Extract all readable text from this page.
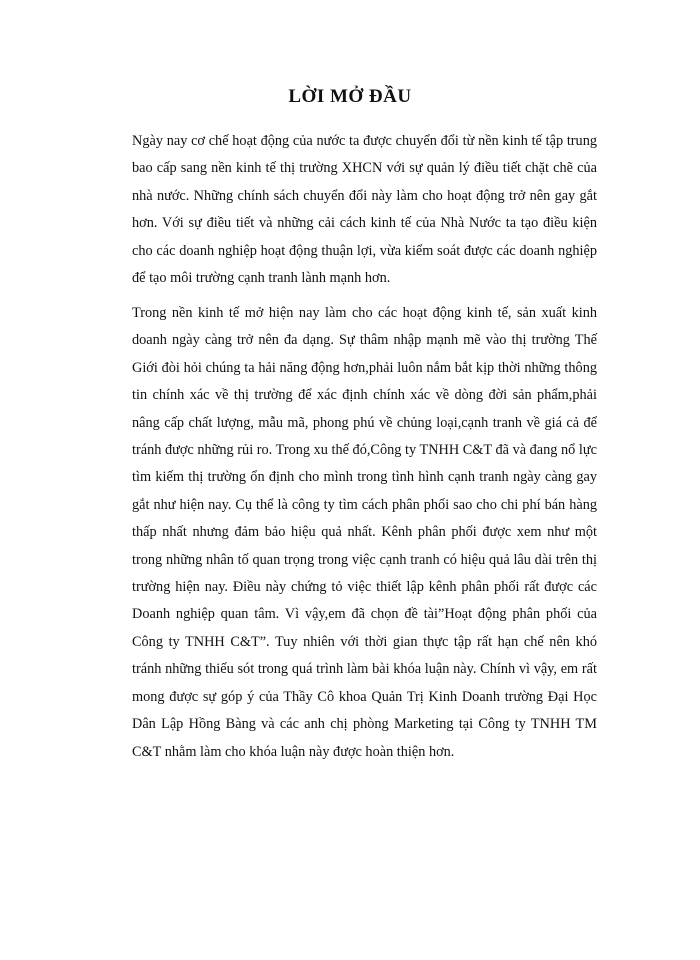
LỜI MỞ ĐẦU

Ngày nay cơ chế hoạt động của nước ta được chuyển đổi từ nền kinh tế tập trung bao cấp sang nền kinh tế thị trường XHCN với sự quản lý điều tiết chặt chẽ của nhà nước. Những chính sách chuyển đổi này làm cho hoạt động trở nên gay gắt hơn. Với sự điều tiết và những cải cách kinh tế của Nhà Nước ta tạo điều kiện cho các doanh nghiệp hoạt động thuận lợi, vừa kiểm soát được các doanh nghiệp để tạo môi trường cạnh tranh lành mạnh hơn.

Trong nền kinh tế mở hiện nay làm cho các hoạt động kinh tế, sản xuất kinh doanh ngày càng trở nên đa dạng. Sự thâm nhập mạnh mẽ vào thị trường Thế Giới đòi hỏi chúng ta hải năng động hơn,phải luôn nắm bắt kịp thời những thông tin chính xác về thị trường để xác định chính xác về dòng đời sản phẩm,phải nâng cấp chất lượng, mẫu mã, phong phú về chủng loại,cạnh tranh về giá cả để tránh được những rủi ro. Trong xu thế đó,Công ty TNHH C&T đã và đang nổ lực tìm kiếm thị trường ổn định cho mình trong tình hình cạnh tranh ngày càng gay gắt như hiện nay. Cụ thể là công ty tìm cách phân phối sao cho chi phí bán hàng thấp nhất nhưng đảm bảo hiệu quả nhất. Kênh phân phối được xem như một trong những nhân tố quan trọng trong việc cạnh tranh có hiệu quả lâu dài trên thị trường hiện nay. Điều này chứng tỏ việc thiết lập kênh phân phối rất được các Doanh nghiệp quan tâm. Vì vậy,em đã chọn đề tài”Hoạt động phân phối của Công ty TNHH C&T”. Tuy nhiên với thời gian thực tập rất hạn chế nên khó tránh những thiếu sót trong quá trình làm bài khóa luận này. Chính vì vậy, em rất mong được sự góp ý của Thầy Cô khoa Quản Trị Kinh Doanh trường Đại Học Dân Lập Hồng Bàng và các anh chị phòng Marketing tại Công ty TNHH TM C&T nhằm làm cho khóa luận này được hoàn thiện hơn.
